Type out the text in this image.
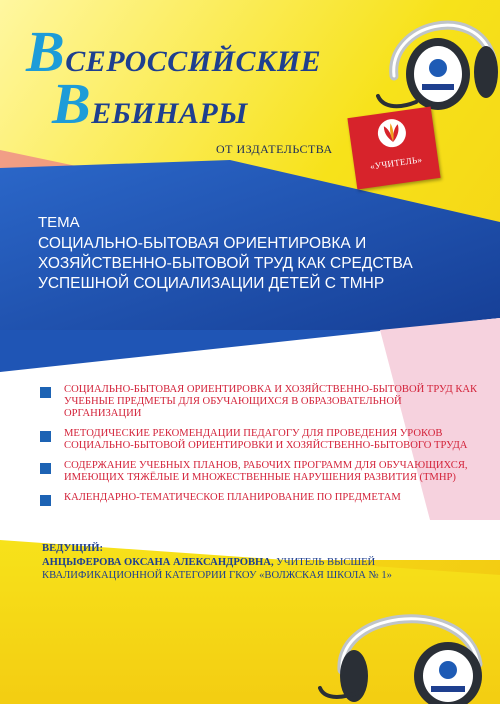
ВСЕРОССИЙСКИЕ
ВЕБИНАРЫ
ОТ ИЗДАТЕЛЬСТВА
«УЧИТЕЛЬ»
ТЕМА
СОЦИАЛЬНО-БЫТОВАЯ ОРИЕНТИРОВКА И ХОЗЯЙСТВЕННО-БЫТОВОЙ ТРУД КАК СРЕДСТВА УСПЕШНОЙ СОЦИАЛИЗАЦИИ ДЕТЕЙ С ТМНР
СОЦИАЛЬНО-БЫТОВАЯ ОРИЕНТИРОВКА И ХОЗЯЙСТВЕННО-БЫТОВОЙ ТРУД КАК УЧЕБНЫЕ ПРЕДМЕТЫ ДЛЯ ОБУЧАЮЩИХСЯ В ОБРАЗОВАТЕЛЬНОЙ ОРГАНИЗАЦИИ
МЕТОДИЧЕСКИЕ РЕКОМЕНДАЦИИ ПЕДАГОГУ ДЛЯ ПРОВЕДЕНИЯ УРОКОВ СОЦИАЛЬНО-БЫТОВОЙ ОРИЕНТИРОВКИ И ХОЗЯЙСТВЕННО-БЫТОВОГО ТРУДА
СОДЕРЖАНИЕ УЧЕБНЫХ ПЛАНОВ, РАБОЧИХ ПРОГРАММ ДЛЯ ОБУЧАЮЩИХСЯ, ИМЕЮЩИХ ТЯЖЁЛЫЕ И МНОЖЕСТВЕННЫЕ НАРУШЕНИЯ РАЗВИТИЯ (ТМНР)
КАЛЕНДАРНО-ТЕМАТИЧЕСКОЕ ПЛАНИРОВАНИЕ ПО ПРЕДМЕТАМ
ВЕДУЩИЙ:
АНЦЫФЕРОВА ОКСАНА АЛЕКСАНДРОВНА, УЧИТЕЛЬ ВЫСШЕЙ КВАЛИФИКАЦИОННОЙ КАТЕГОРИИ ГКОУ «ВОЛЖСКАЯ ШКОЛА № 1»
